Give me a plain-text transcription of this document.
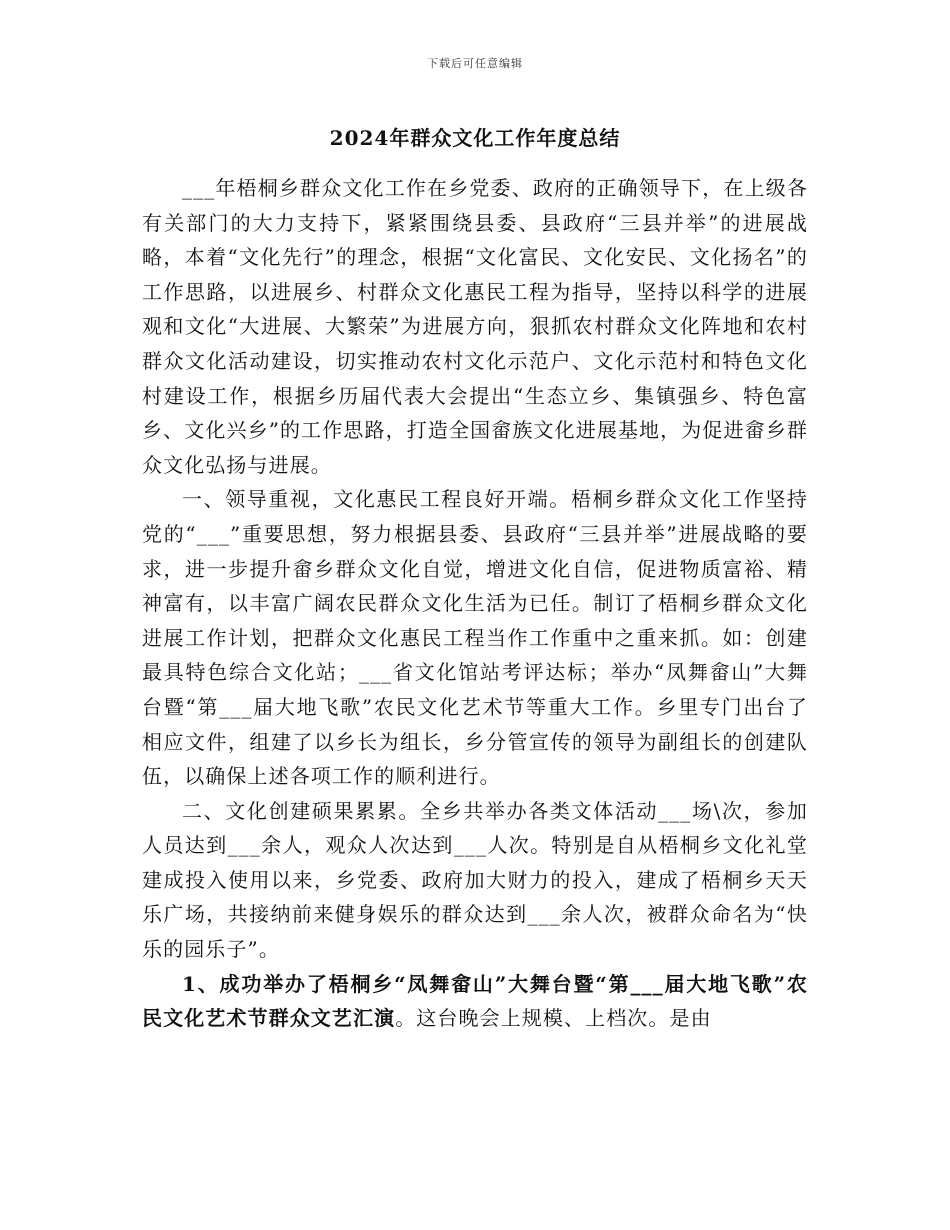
下载后可任意编辑
2024年群众文化工作年度总结

___年梧桐乡群众文化工作在乡党委、政府的正确领导下，在上级各有关部门的大力支持下，紧紧围绕县委、县政府“三县并举”的进展战略，本着“文化先行”的理念，根据“文化富民、文化安民、文化扬名”的工作思路，以进展乡、村群众文化惠民工程为指导，坚持以科学的进展观和文化“大进展、大繁荣”为进展方向，狠抓农村群众文化阵地和农村群众文化活动建设，切实推动农村文化示范户、文化示范村和特色文化村建设工作，根据乡历届代表大会提出“生态立乡、集镇强乡、特色富乡、文化兴乡”的工作思路，打造全国畲族文化进展基地，为促进畲乡群众文化弘扬与进展。

一、领导重视，文化惠民工程良好开端。梧桐乡群众文化工作坚持党的“___”重要思想，努力根据县委、县政府“三县并举”进展战略的要求，进一步提升畲乡群众文化自觉，增进文化自信，促进物质富裕、精神富有，以丰富广阔农民群众文化生活为已任。制订了梧桐乡群众文化进展工作计划，把群众文化惠民工程当作工作重中之重来抓。如：创建最具特色综合文化站；___省文化馆站考评达标；举办“凤舞畲山”大舞台暨“第___届大地飞歌”农民文化艺术节等重大工作。乡里专门出台了相应文件，组建了以乡长为组长，乡分管宣传的领导为副组长的创建队伍，以确保上述各项工作的顺利进行。

二、文化创建硕果累累。全乡共举办各类文体活动___场\次，参加人员达到___余人，观众人次达到___人次。特别是自从梧桐乡文化礼堂建成投入使用以来，乡党委、政府加大财力的投入，建成了梧桐乡天天乐广场，共接纳前来健身娱乐的群众达到___余人次，被群众命名为“快乐的园乐子”。

1、成功举办了梧桐乡“凤舞畲山”大舞台暨“第___届大地飞歌”农民文化艺术节群众文艺汇演。这台晚会上规模、上档次。是由
